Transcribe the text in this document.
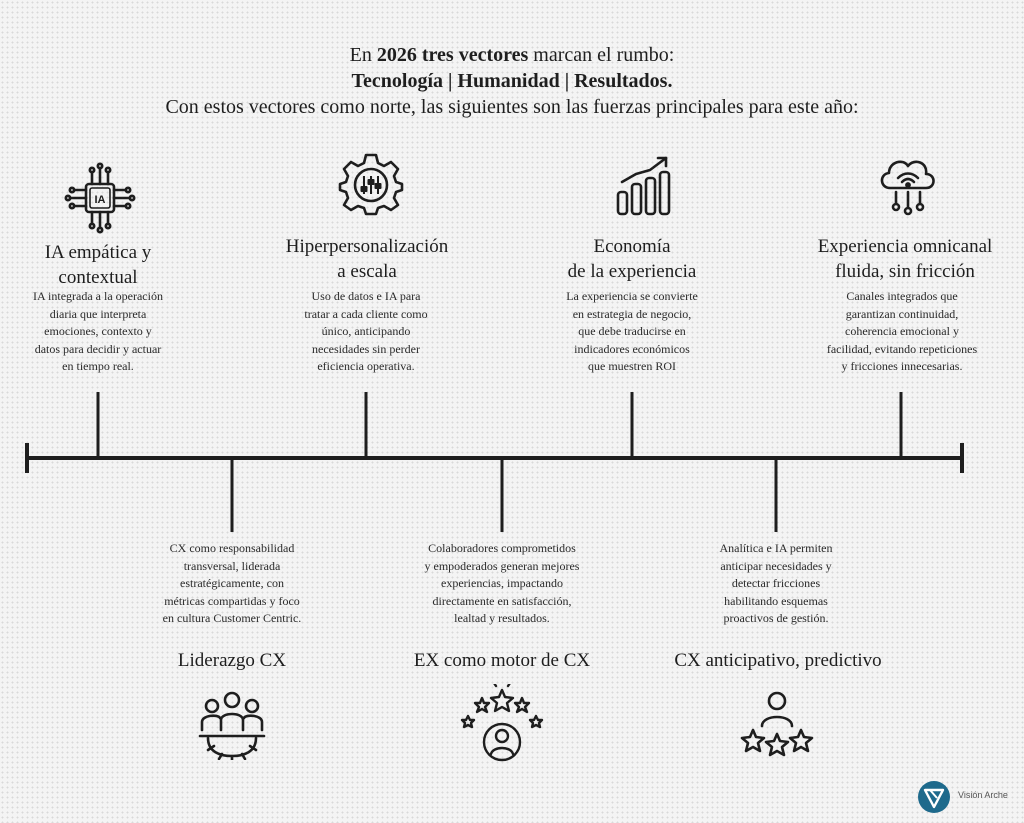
En 2026 tres vectores marcan el rumbo:
Tecnología | Humanidad | Resultados.
Con estos vectores como norte, las siguientes son las fuerzas principales para este año:
IA
IA empática y
contextual
Hiperpersonalización
a escala
Economía
de la experiencia
Experiencia omnicanal
fluida, sin fricción
IA integrada a la operación
diaria que interpreta
emociones, contexto y
datos para decidir y actuar
en tiempo real.
Uso de datos e IA para
tratar a cada cliente como
único, anticipando
necesidades sin perder
eficiencia operativa.
La experiencia se convierte
en estrategia de negocio,
que debe traducirse en
indicadores económicos
que muestren ROI
Canales integrados que
garantizan continuidad,
coherencia emocional y
facilidad, evitando repeticiones
y fricciones innecesarias.
CX como responsabilidad
transversal, liderada
estratégicamente, con
métricas compartidas y foco
en cultura Customer Centric.
Colaboradores comprometidos
y empoderados generan mejores
experiencias, impactando
directamente en satisfacción,
lealtad y resultados.
Analítica e IA permiten
anticipar necesidades y
detectar fricciones
habilitando esquemas
proactivos de gestión.
Liderazgo CX	EX como motor de CX	CX anticipativo, predictivo
Visión Arche
